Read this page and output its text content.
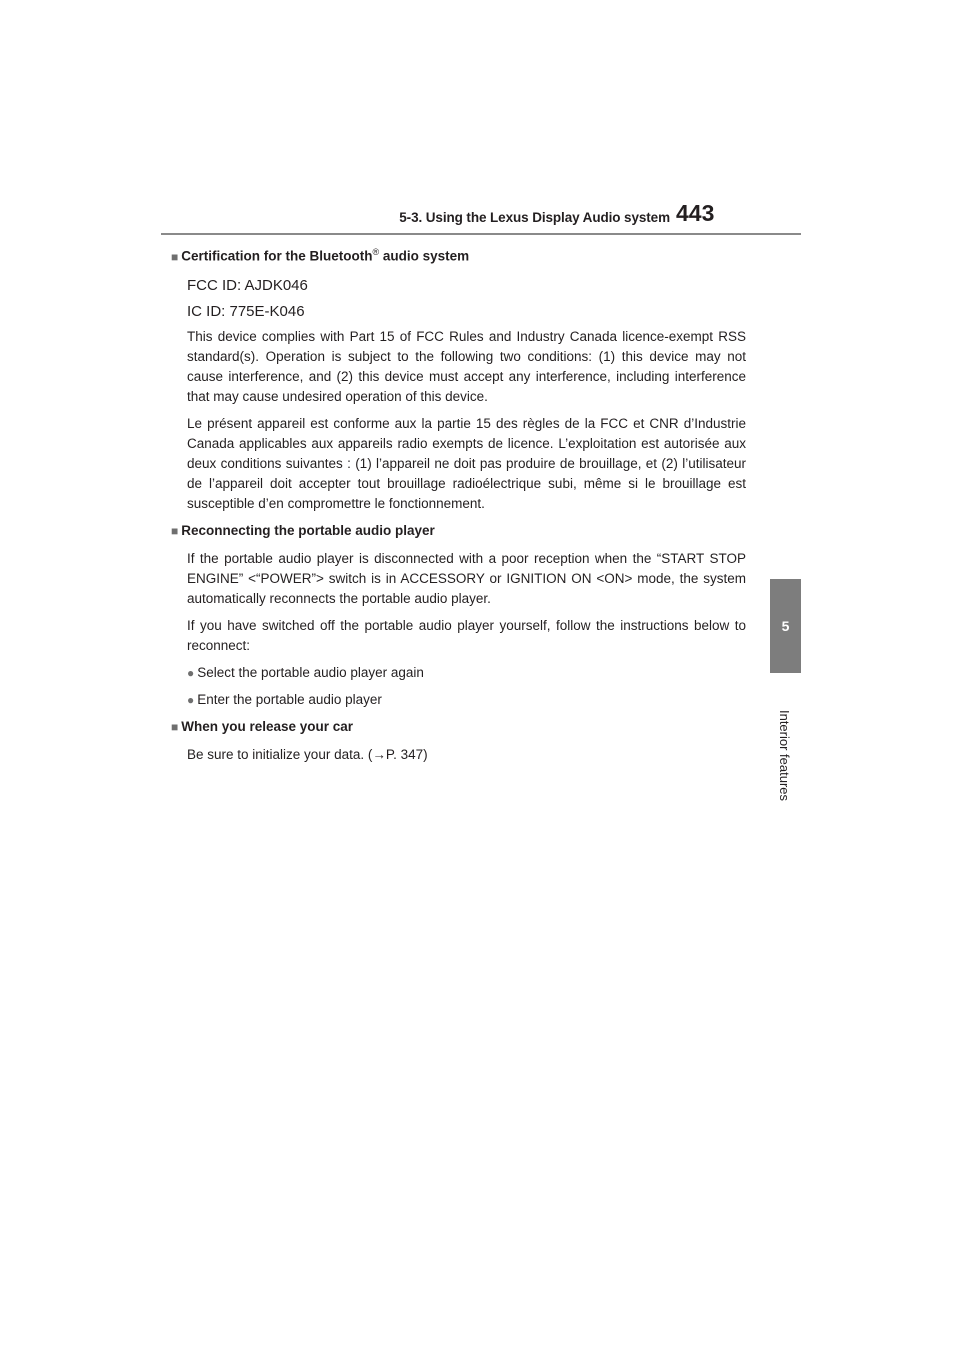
5-3. Using the Lexus Display Audio system 443
5
Interior features
■ Certification for the Bluetooth® audio system
FCC ID: AJDK046
IC ID: 775E-K046

This device complies with Part 15 of FCC Rules and Industry Canada licence-exempt RSS standard(s). Operation is subject to the following two conditions: (1) this device may not cause interference, and (2) this device must accept any interference, including interference that may cause undesired operation of this device.

Le présent appareil est conforme aux la partie 15 des règles de la FCC et CNR d’Industrie Canada applicables aux appareils radio exempts de licence. L’exploitation est autorisée aux deux conditions suivantes : (1) l’appareil ne doit pas produire de brouillage, et (2) l’utilisateur de l’appareil doit accepter tout brouillage radioélectrique subi, même si le brouillage est susceptible d’en compromettre le fonctionnement.

■ Reconnecting the portable audio player

If the portable audio player is disconnected with a poor reception when the “START STOP ENGINE” <“POWER”> switch is in ACCESSORY or IGNITION ON <ON> mode, the system automatically reconnects the portable audio player.

If you have switched off the portable audio player yourself, follow the instructions below to reconnect:

● Select the portable audio player again
● Enter the portable audio player
■ When you release your car

Be sure to initialize your data. (→P. 347)
